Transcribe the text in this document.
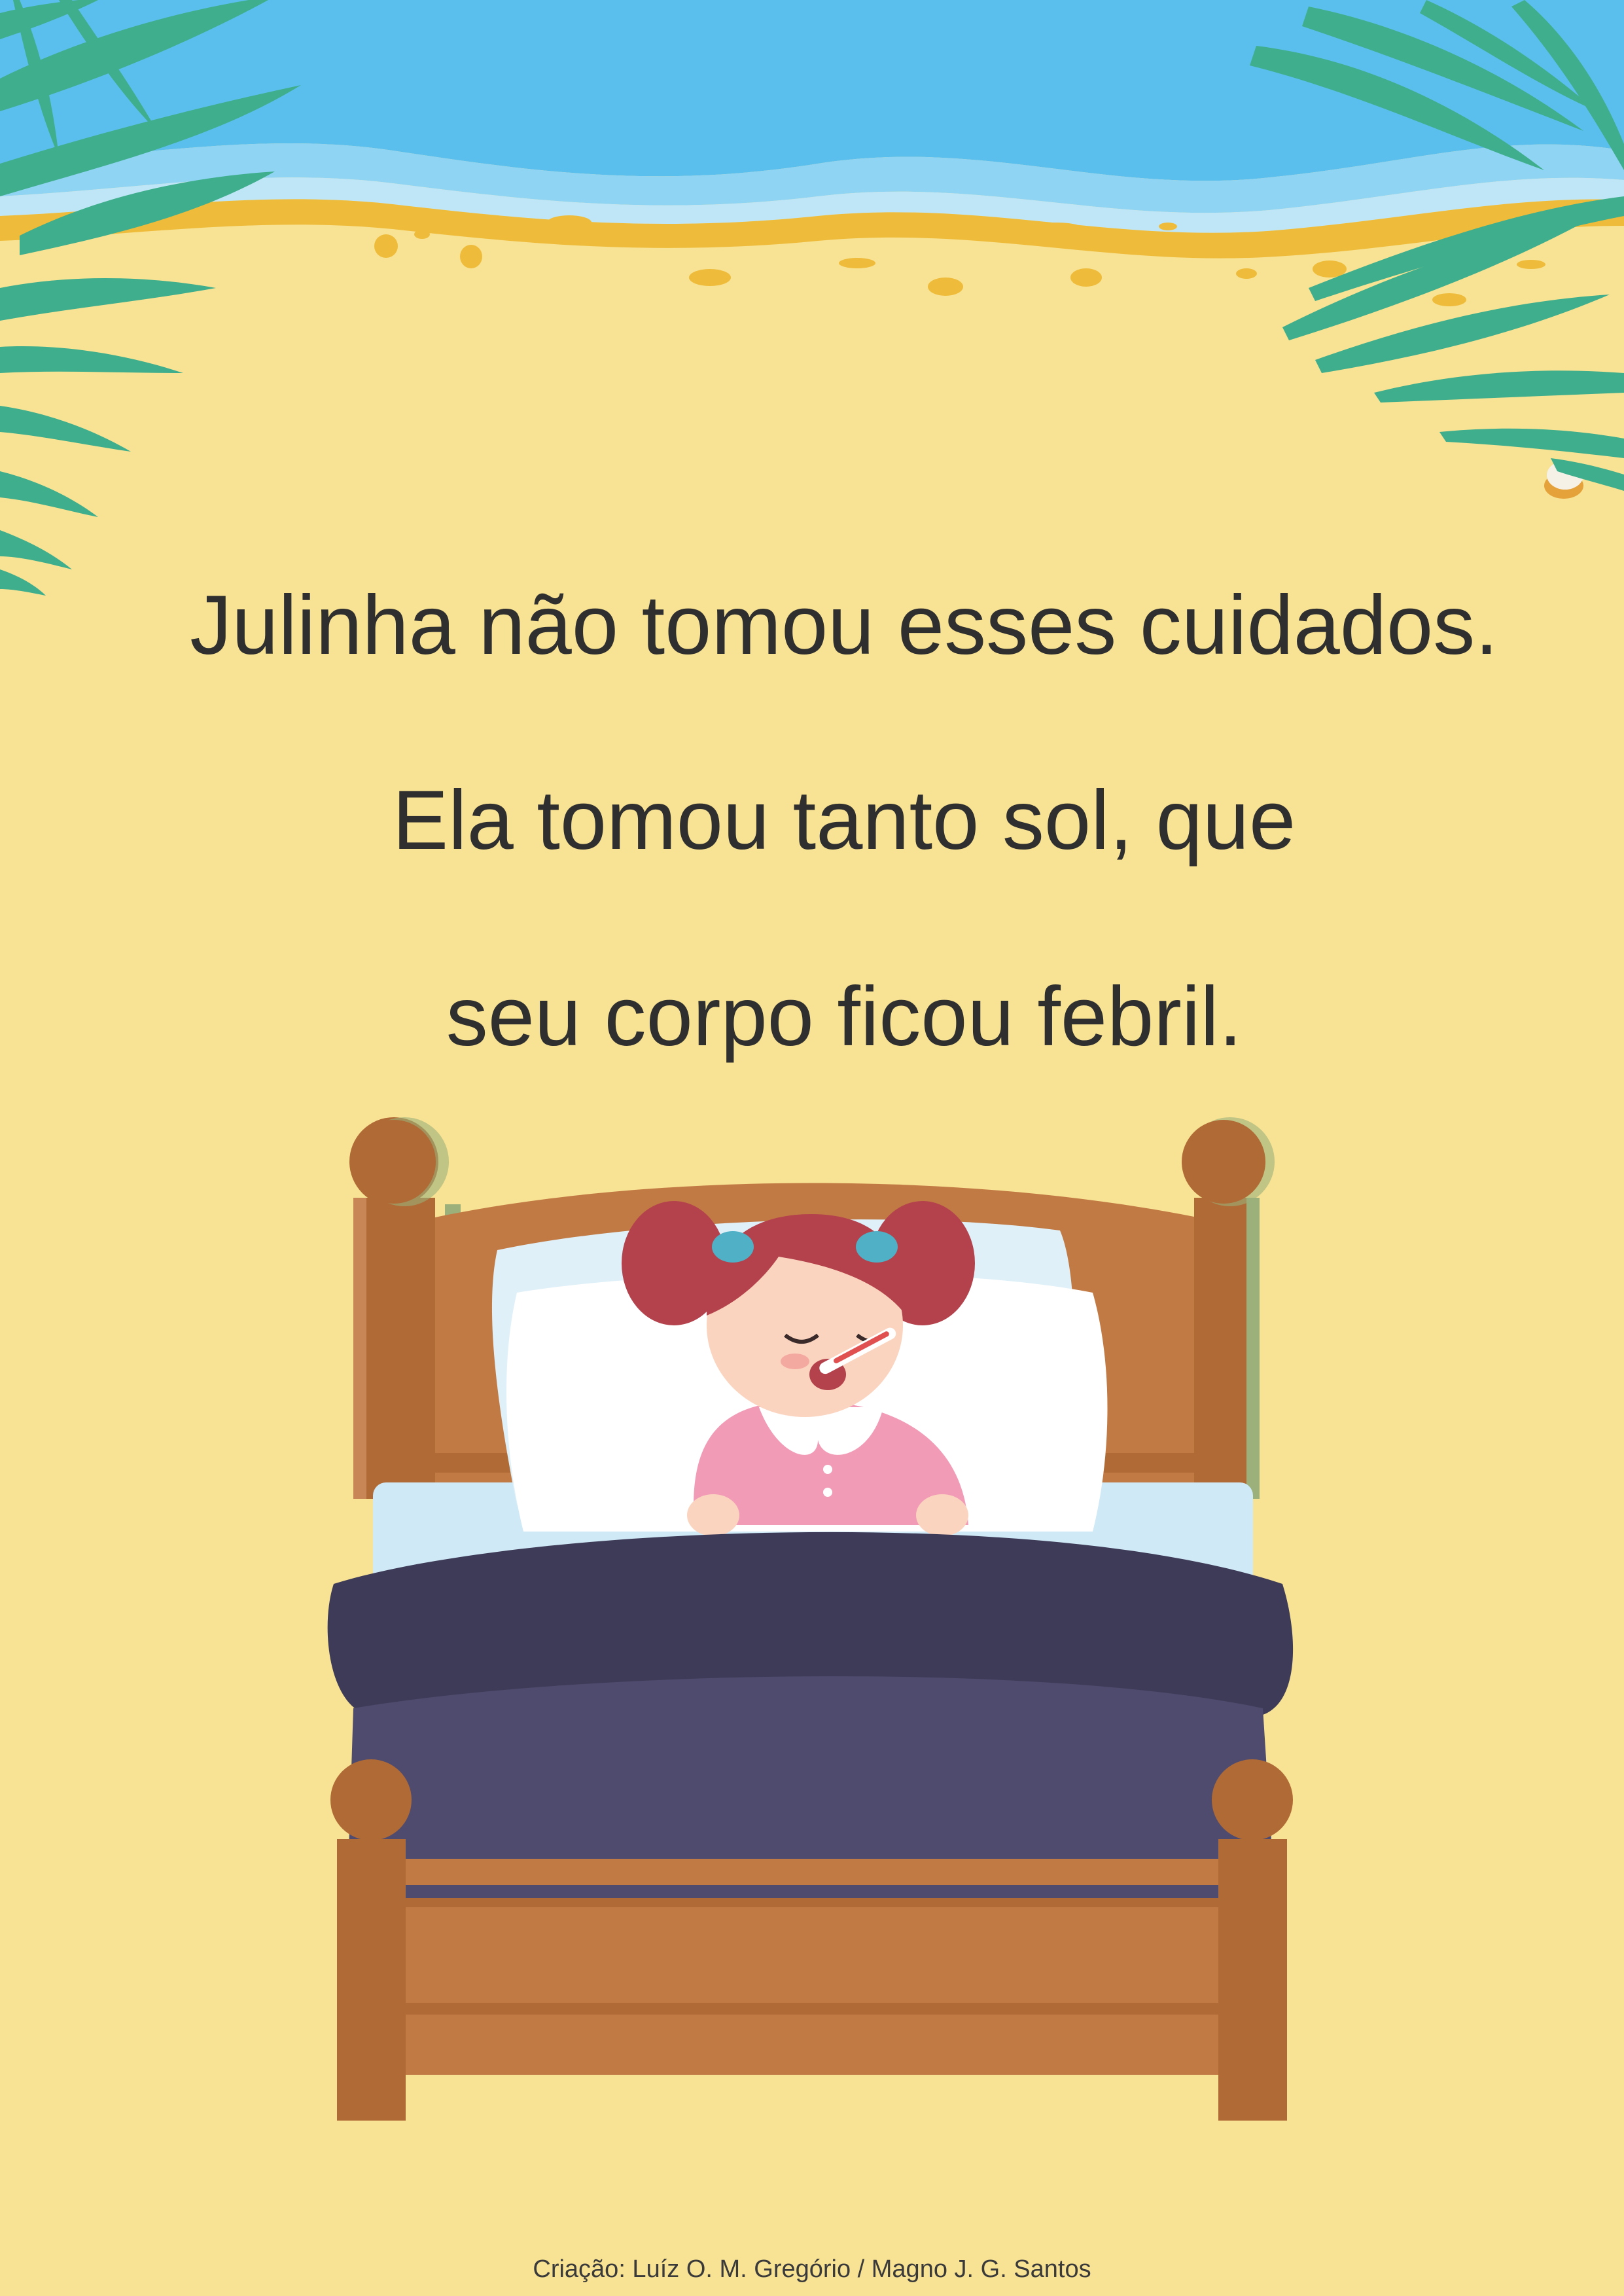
Julinha não tomou esses cuidados.

Ela tomou tanto sol, que

seu corpo ficou febril.

Criação: Luíz O. M. Gregório / Magno J. G. Santos
